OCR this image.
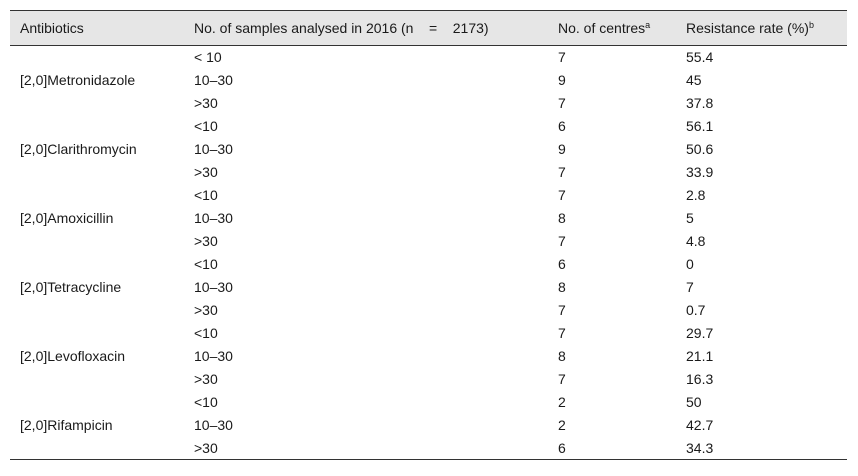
Antibiotics	No. of samples analysed in 2016 (n    =    2173)	No. of centres$^a$	Resistance rate (%)$^b$
[2,0]Metronidazole	< 10	7	55.4
	10–30	9	45
	>30	7	37.8
[2,0]Clarithromycin	<10	6	56.1
	10–30	9	50.6
	>30	7	33.9
[2,0]Amoxicillin	<10	7	2.8
	10–30	8	5
	>30	7	4.8
[2,0]Tetracycline	<10	6	0
	10–30	8	7
	>30	7	0.7
[2,0]Levofloxacin	<10	7	29.7
	10–30	8	21.1
	>30	7	16.3
[2,0]Rifampicin	<10	2	50
	10–30	2	42.7
	>30	6	34.3
